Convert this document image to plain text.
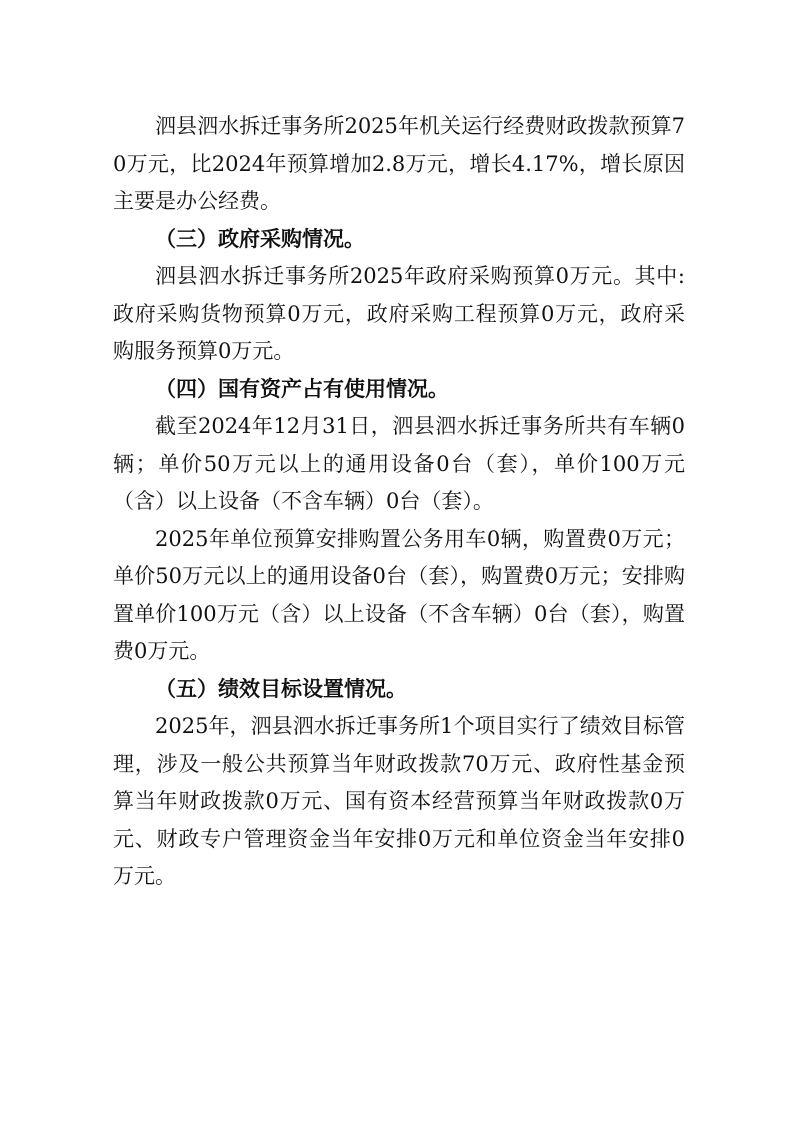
泗县泗水拆迁事务所2025年机关运行经费财政拨款预算70万元，比2024年预算增加2.8万元，增长4.17%，增长原因主要是办公经费。

（三）政府采购情况。

泗县泗水拆迁事务所2025年政府采购预算0万元。其中:政府采购货物预算0万元，政府采购工程预算0万元，政府采购服务预算0万元。

（四）国有资产占有使用情况。

截至2024年12月31日，泗县泗水拆迁事务所共有车辆0辆；单价50万元以上的通用设备0台（套），单价100万元（含）以上设备（不含车辆）0台（套）。

2025年单位预算安排购置公务用车0辆，购置费0万元；单价50万元以上的通用设备0台（套），购置费0万元；安排购置单价100万元（含）以上设备（不含车辆）0台（套），购置费0万元。

（五）绩效目标设置情况。

2025年，泗县泗水拆迁事务所1个项目实行了绩效目标管理，涉及一般公共预算当年财政拨款70万元、政府性基金预算当年财政拨款0万元、国有资本经营预算当年财政拨款0万元、财政专户管理资金当年安排0万元和单位资金当年安排0万元。
